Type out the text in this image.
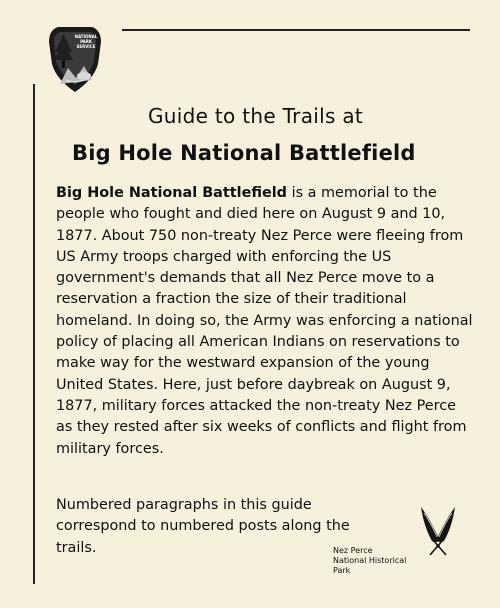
NATIONAL
PARK
SERVICE
Guide to the Trails at
Big Hole National Battlefield
Big Hole National Battlefield is a memorial to the people who fought and died here on August 9 and 10, 1877. About 750 non-treaty Nez Perce were fleeing from US Army troops charged with enforcing the US government's demands that all Nez Perce move to a reservation a fraction the size of their traditional homeland. In doing so, the Army was enforcing a national policy of placing all American Indians on reservations to make way for the westward expansion of the young United States. Here, just before daybreak on August 9, 1877, military forces attacked the non-treaty Nez Perce as they rested after six weeks of conflicts and flight from military forces.
Numbered paragraphs in this guide correspond to numbered posts along the trails.	Nez Perce
National Historical
Park
